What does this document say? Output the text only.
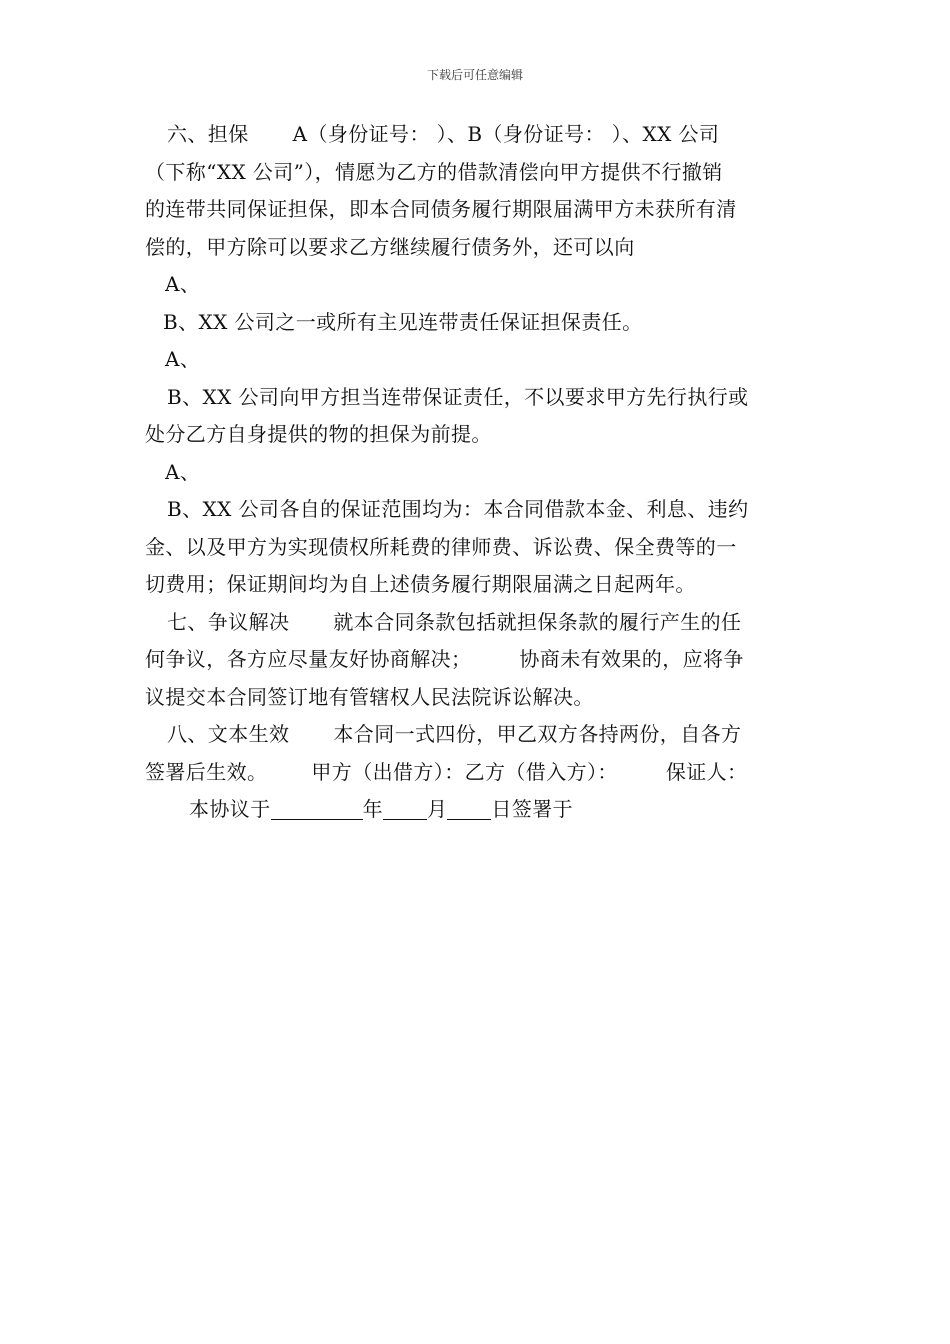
下载后可任意编辑
六、担保 A（身份证号： ）、B（身份证号： ）、XX 公司
（下称“XX 公司”），情愿为乙方的借款清偿向甲方提供不行撤销
的连带共同保证担保，即本合同债务履行期限届满甲方未获所有清
偿的，甲方除可以要求乙方继续履行债务外，还可以向
A、
B、XX 公司之一或所有主见连带责任保证担保责任。
A、
B、XX 公司向甲方担当连带保证责任，不以要求甲方先行执行或
处分乙方自身提供的物的担保为前提。
A、
B、XX 公司各自的保证范围均为：本合同借款本金、利息、违约
金、以及甲方为实现债权所耗费的律师费、诉讼费、保全费等的一
切费用；保证期间均为自上述债务履行期限届满之日起两年。
七、争议解决 就本合同条款包括就担保条款的履行产生的任
何争议，各方应尽量友好协商解决； 协商未有效果的，应将争
议提交本合同签订地有管辖权人民法院诉讼解决。
八、文本生效 本合同一式四份，甲乙双方各持两份，自各方
签署后生效。 甲方（出借方）：乙方（借入方）： 保证人：
本协议于	年 月 日签署于
